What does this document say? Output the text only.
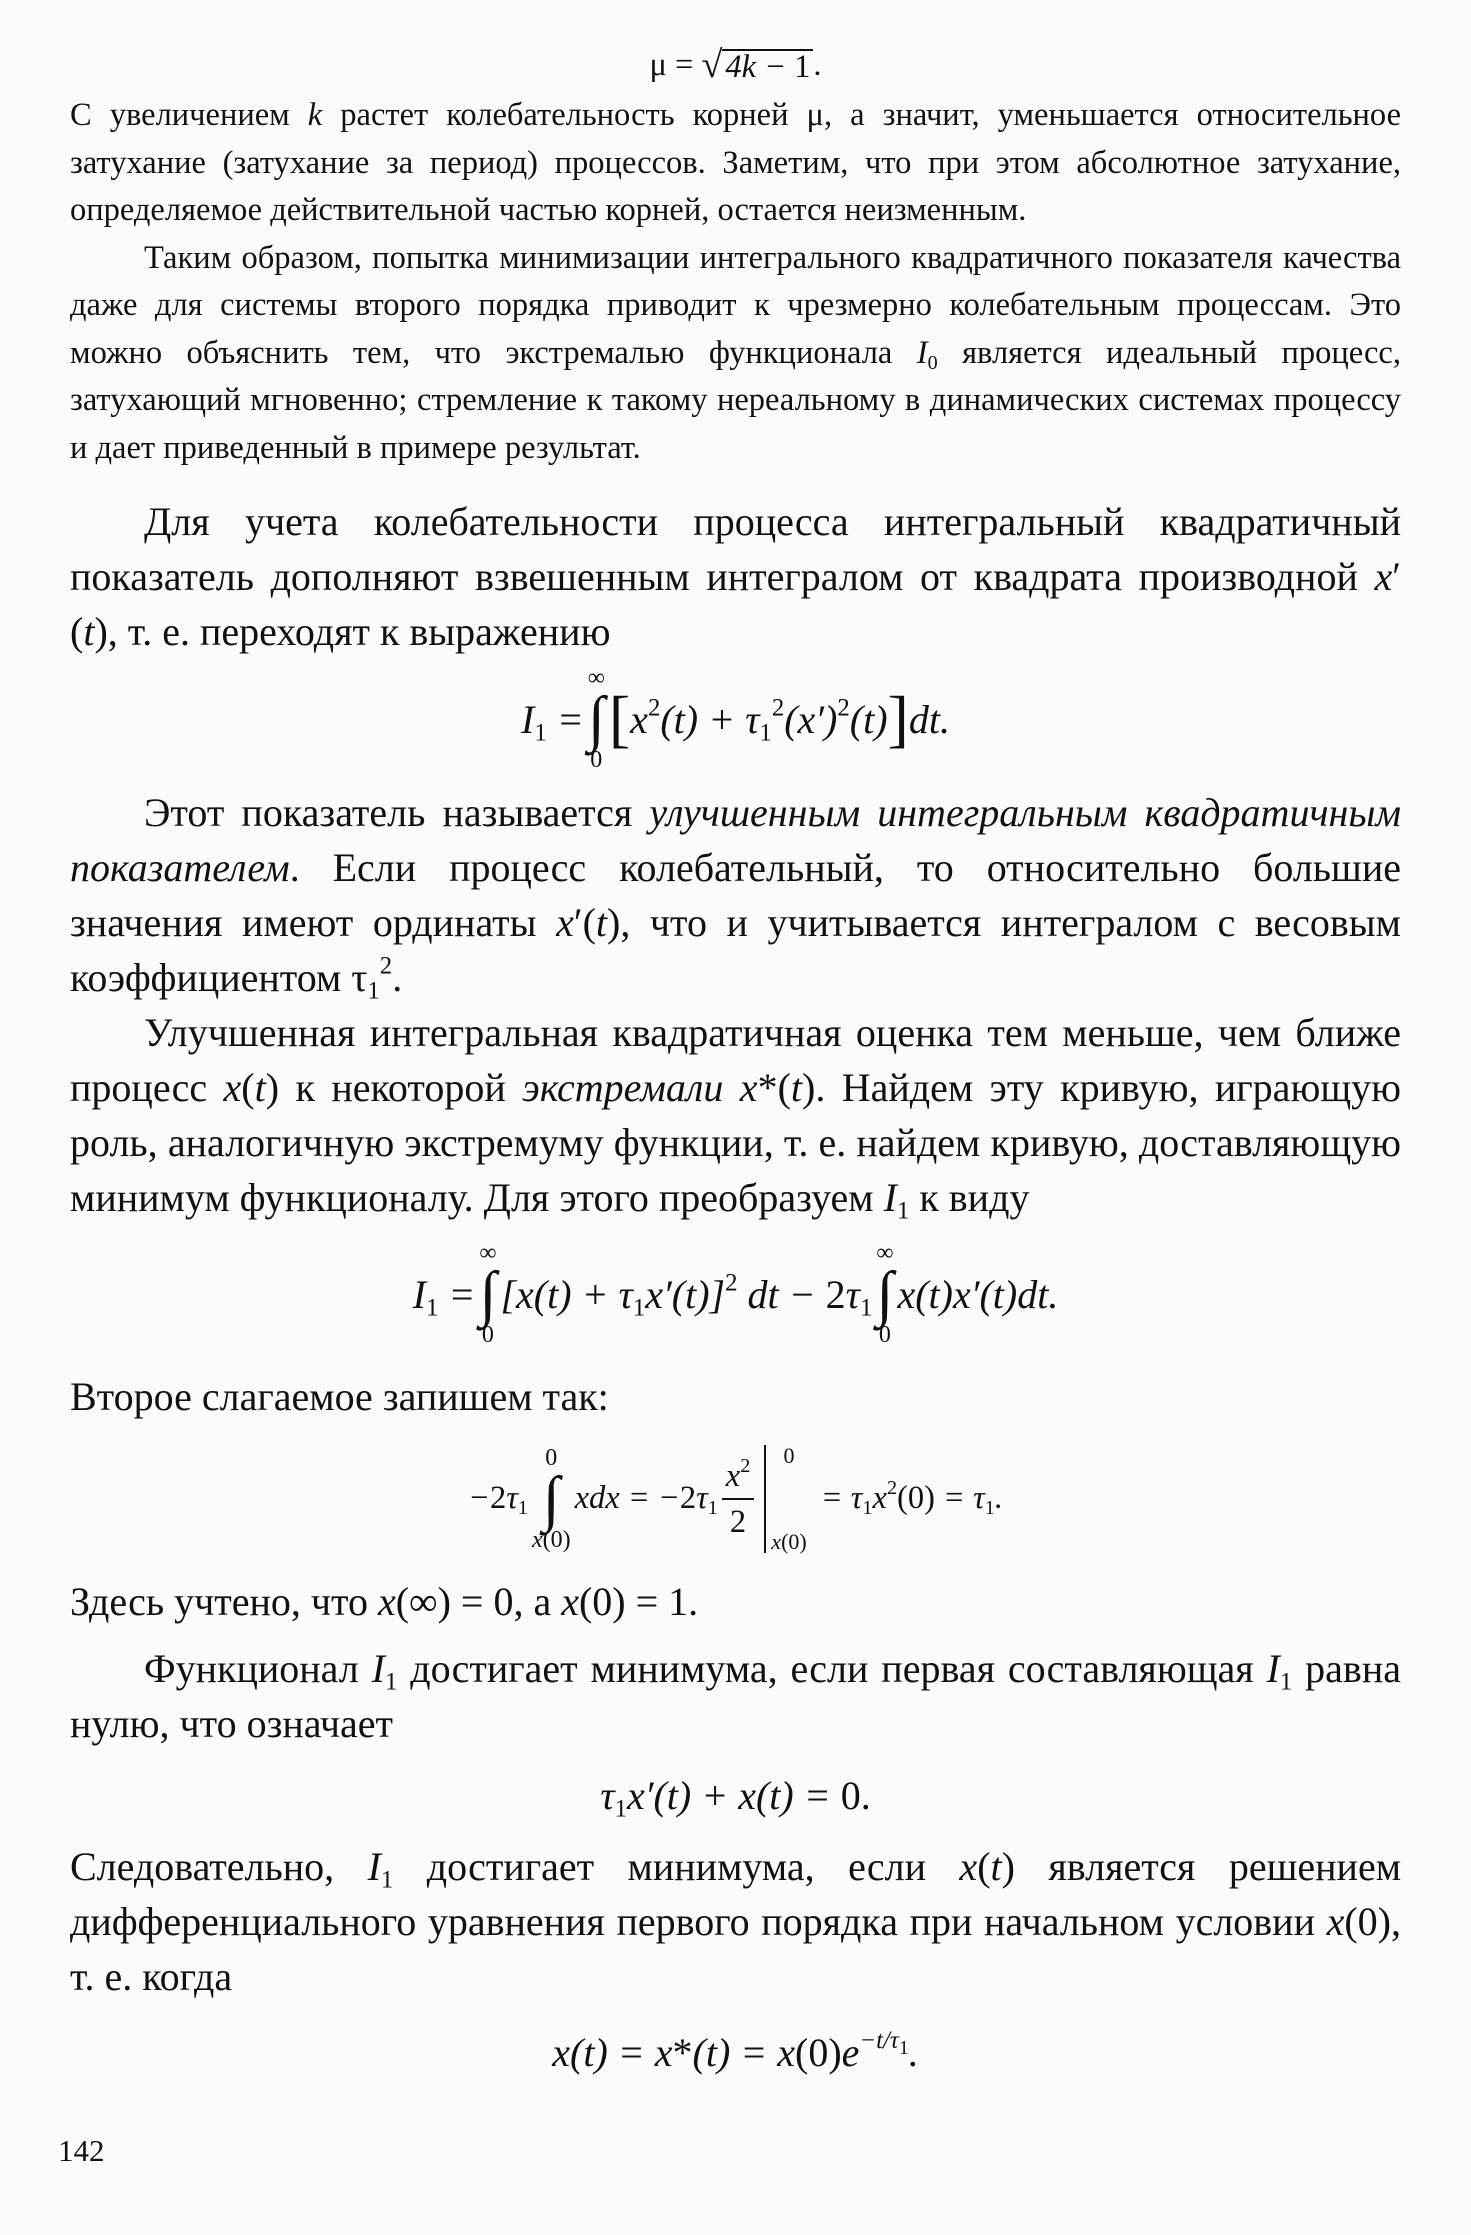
μ = √ 4k − 1 .

С увеличением k растет колебательность корней μ, а значит, уменьшается относительное затухание (затухание за период) процессов. Заметим, что при этом абсолютное затухание, определяемое действительной частью корней, остается неизменным.

Таким образом, попытка минимизации интегрального квадратичного показателя качества даже для системы второго порядка приводит к чрезмерно колебательным процессам. Это можно объяснить тем, что экстремалью функционала $I_0$ является идеальный процесс, затухающий мгновенно; стремление к такому нереальному в динамических системах процессу и дает приведенный в примере результат.

Для учета колебательности процесса интегральный квадратичный показатель дополняют взвешенным интегралом от квадрата производной x′(t), т. е. переходят к выражению

$I_1$ =
∞
∫
0
[ $x^2(t) + \tau_1^2(x')^2(t)$ ] dt.

Этот показатель называется улучшенным интегральным квадратичным показателем. Если процесс колебательный, то относительно большие значения имеют ординаты x′(t), что и учитывается интегралом с весовым коэффициентом $\tau_1^2$.

Улучшенная интегральная квадратичная оценка тем меньше, чем ближе процесс x(t) к некоторой экстремали x*(t). Найдем эту кривую, играющую роль, аналогичную экстремуму функции, т. е. найдем кривую, доставляющую минимум функционалу. Для этого преобразуем $I_1$ к виду

$I_1$ =
∞
∫
0
$[x(t) + \tau_1x'(t)]^2$ dt − $2\tau_1$
∞
∫
0
x(t)x′(t)dt.

Второе слагаемое запишем так:

$-2\tau_1$
0
∫
x(0)
xdx = $-2\tau_1 \frac{x^2}{2}$	0
x(0)
= $\tau_1x^2(0) = \tau_1$.

Здесь учтено, что x(∞) = 0, а x(0) = 1.

Функционал $I_1$ достигает минимума, если первая составляющая $I_1$ равна нулю, что означает

$\tau_1x'(t) + x(t) = 0$.

Следовательно, $I_1$ достигает минимума, если x(t) является решением дифференциального уравнения первого порядка при начальном условии x(0), т. е. когда

$x(t) = x*(t) = x(0)e^{-t/\tau_1}$.
142
